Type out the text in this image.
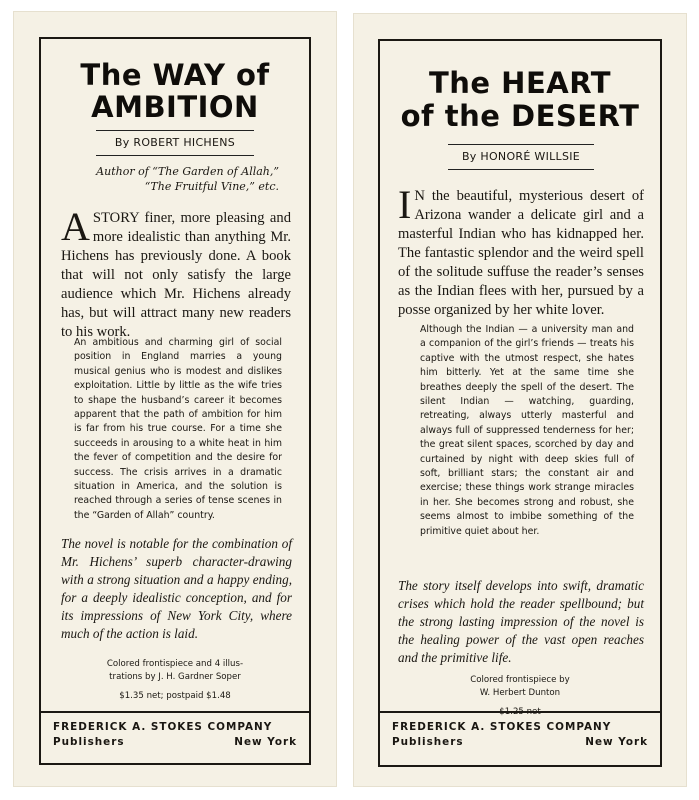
The WAY of
AMBITION
By ROBERT HICHENS
Author of “The Garden of Allah,”
“The Fruitful Vine,” etc.
ASTORY finer, more pleasing and more idealistic than anything Mr. Hichens has previously done. A book that will not only satisfy the large audience which Mr. Hichens already has, but will attract many new readers to his work.
An ambitious and charming girl of social position in England marries a young musical genius who is modest and dislikes exploitation. Little by little as the wife tries to shape the husband’s career it becomes apparent that the path of ambition for him is far from his true course. For a time she succeeds in arousing to a white heat in him the fever of competition and the desire for success. The crisis arrives in a dramatic situation in America, and the solution is reached through a series of tense scenes in the “Garden of Allah” country.
The novel is notable for the combination of Mr. Hichens’ superb character-drawing with a strong situation and a happy ending, for a deeply idealistic conception, and for its impressions of New York City, where much of the action is laid.
Colored frontispiece and 4 illus-
trations by J. H. Gardner Soper
$1.35 net; postpaid $1.48
FREDERICK A. STOKES COMPANY
Publishers	New York
The HEART
of the DESERT
By HONORÉ WILLSIE
I N the beautiful, mysterious desert of Arizona wander a delicate girl and a masterful Indian who has kidnapped her. The fantastic splendor and the weird spell of the solitude suffuse the reader’s senses as the Indian flees with her, pursued by a posse organized by her white lover.
Although the Indian — a university man and a companion of the girl’s friends — treats his captive with the utmost respect, she hates him bitterly. Yet at the same time she breathes deeply the spell of the desert. The silent Indian — watching, guarding, retreating, always utterly masterful and always full of suppressed tenderness for her; the great silent spaces, scorched by day and curtained by night with deep skies full of soft, brilliant stars; the constant air and exercise; these things work strange miracles in her. She becomes strong and robust, she seems almost to imbibe something of the primitive quiet about her.
The story itself develops into swift, dramatic crises which hold the reader spellbound; but the strong lasting impression of the novel is the healing power of the vast open reaches and the primitive life.
Colored frontispiece by
W. Herbert Dunton
$1.25 net
FREDERICK A. STOKES COMPANY
Publishers	New York
